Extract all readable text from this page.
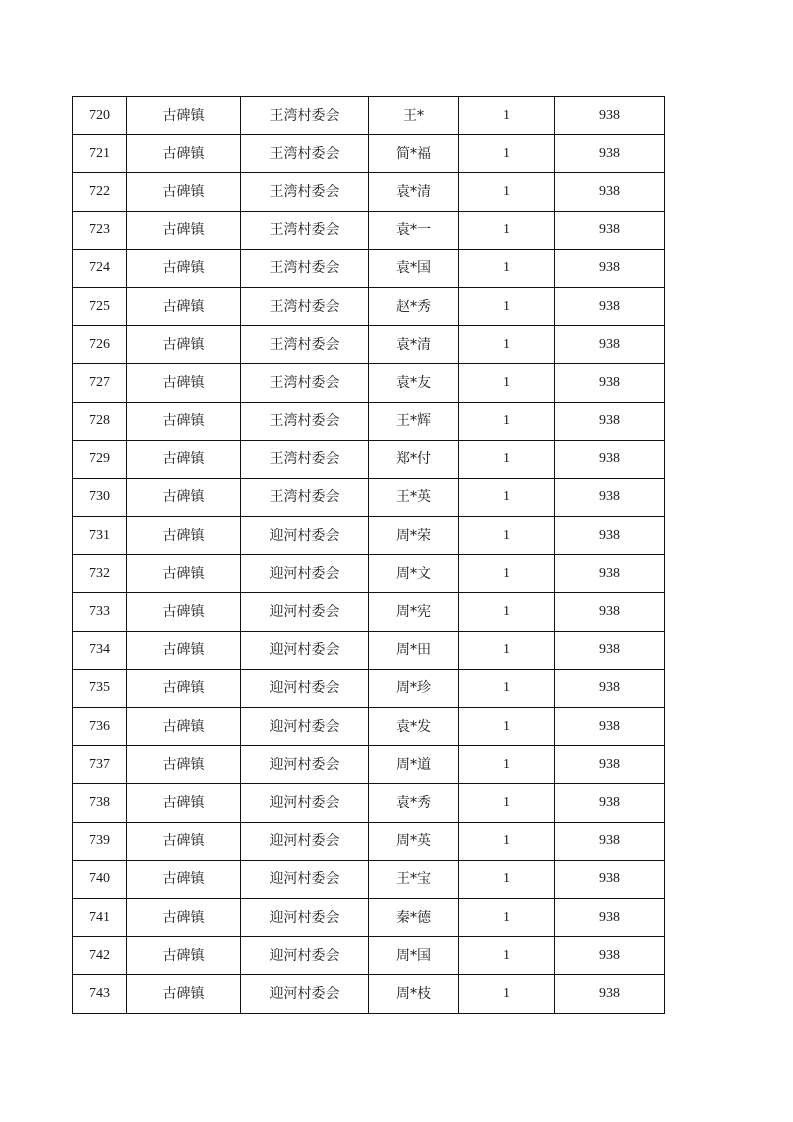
720	古碑镇	王湾村委会	王*	1	938
721	古碑镇	王湾村委会	简*福	1	938
722	古碑镇	王湾村委会	袁*清	1	938
723	古碑镇	王湾村委会	袁*一	1	938
724	古碑镇	王湾村委会	袁*国	1	938
725	古碑镇	王湾村委会	赵*秀	1	938
726	古碑镇	王湾村委会	袁*清	1	938
727	古碑镇	王湾村委会	袁*友	1	938
728	古碑镇	王湾村委会	王*辉	1	938
729	古碑镇	王湾村委会	郑*付	1	938
730	古碑镇	王湾村委会	王*英	1	938
731	古碑镇	迎河村委会	周*荣	1	938
732	古碑镇	迎河村委会	周*文	1	938
733	古碑镇	迎河村委会	周*宪	1	938
734	古碑镇	迎河村委会	周*田	1	938
735	古碑镇	迎河村委会	周*珍	1	938
736	古碑镇	迎河村委会	袁*发	1	938
737	古碑镇	迎河村委会	周*道	1	938
738	古碑镇	迎河村委会	袁*秀	1	938
739	古碑镇	迎河村委会	周*英	1	938
740	古碑镇	迎河村委会	王*宝	1	938
741	古碑镇	迎河村委会	秦*德	1	938
742	古碑镇	迎河村委会	周*国	1	938
743	古碑镇	迎河村委会	周*枝	1	938
